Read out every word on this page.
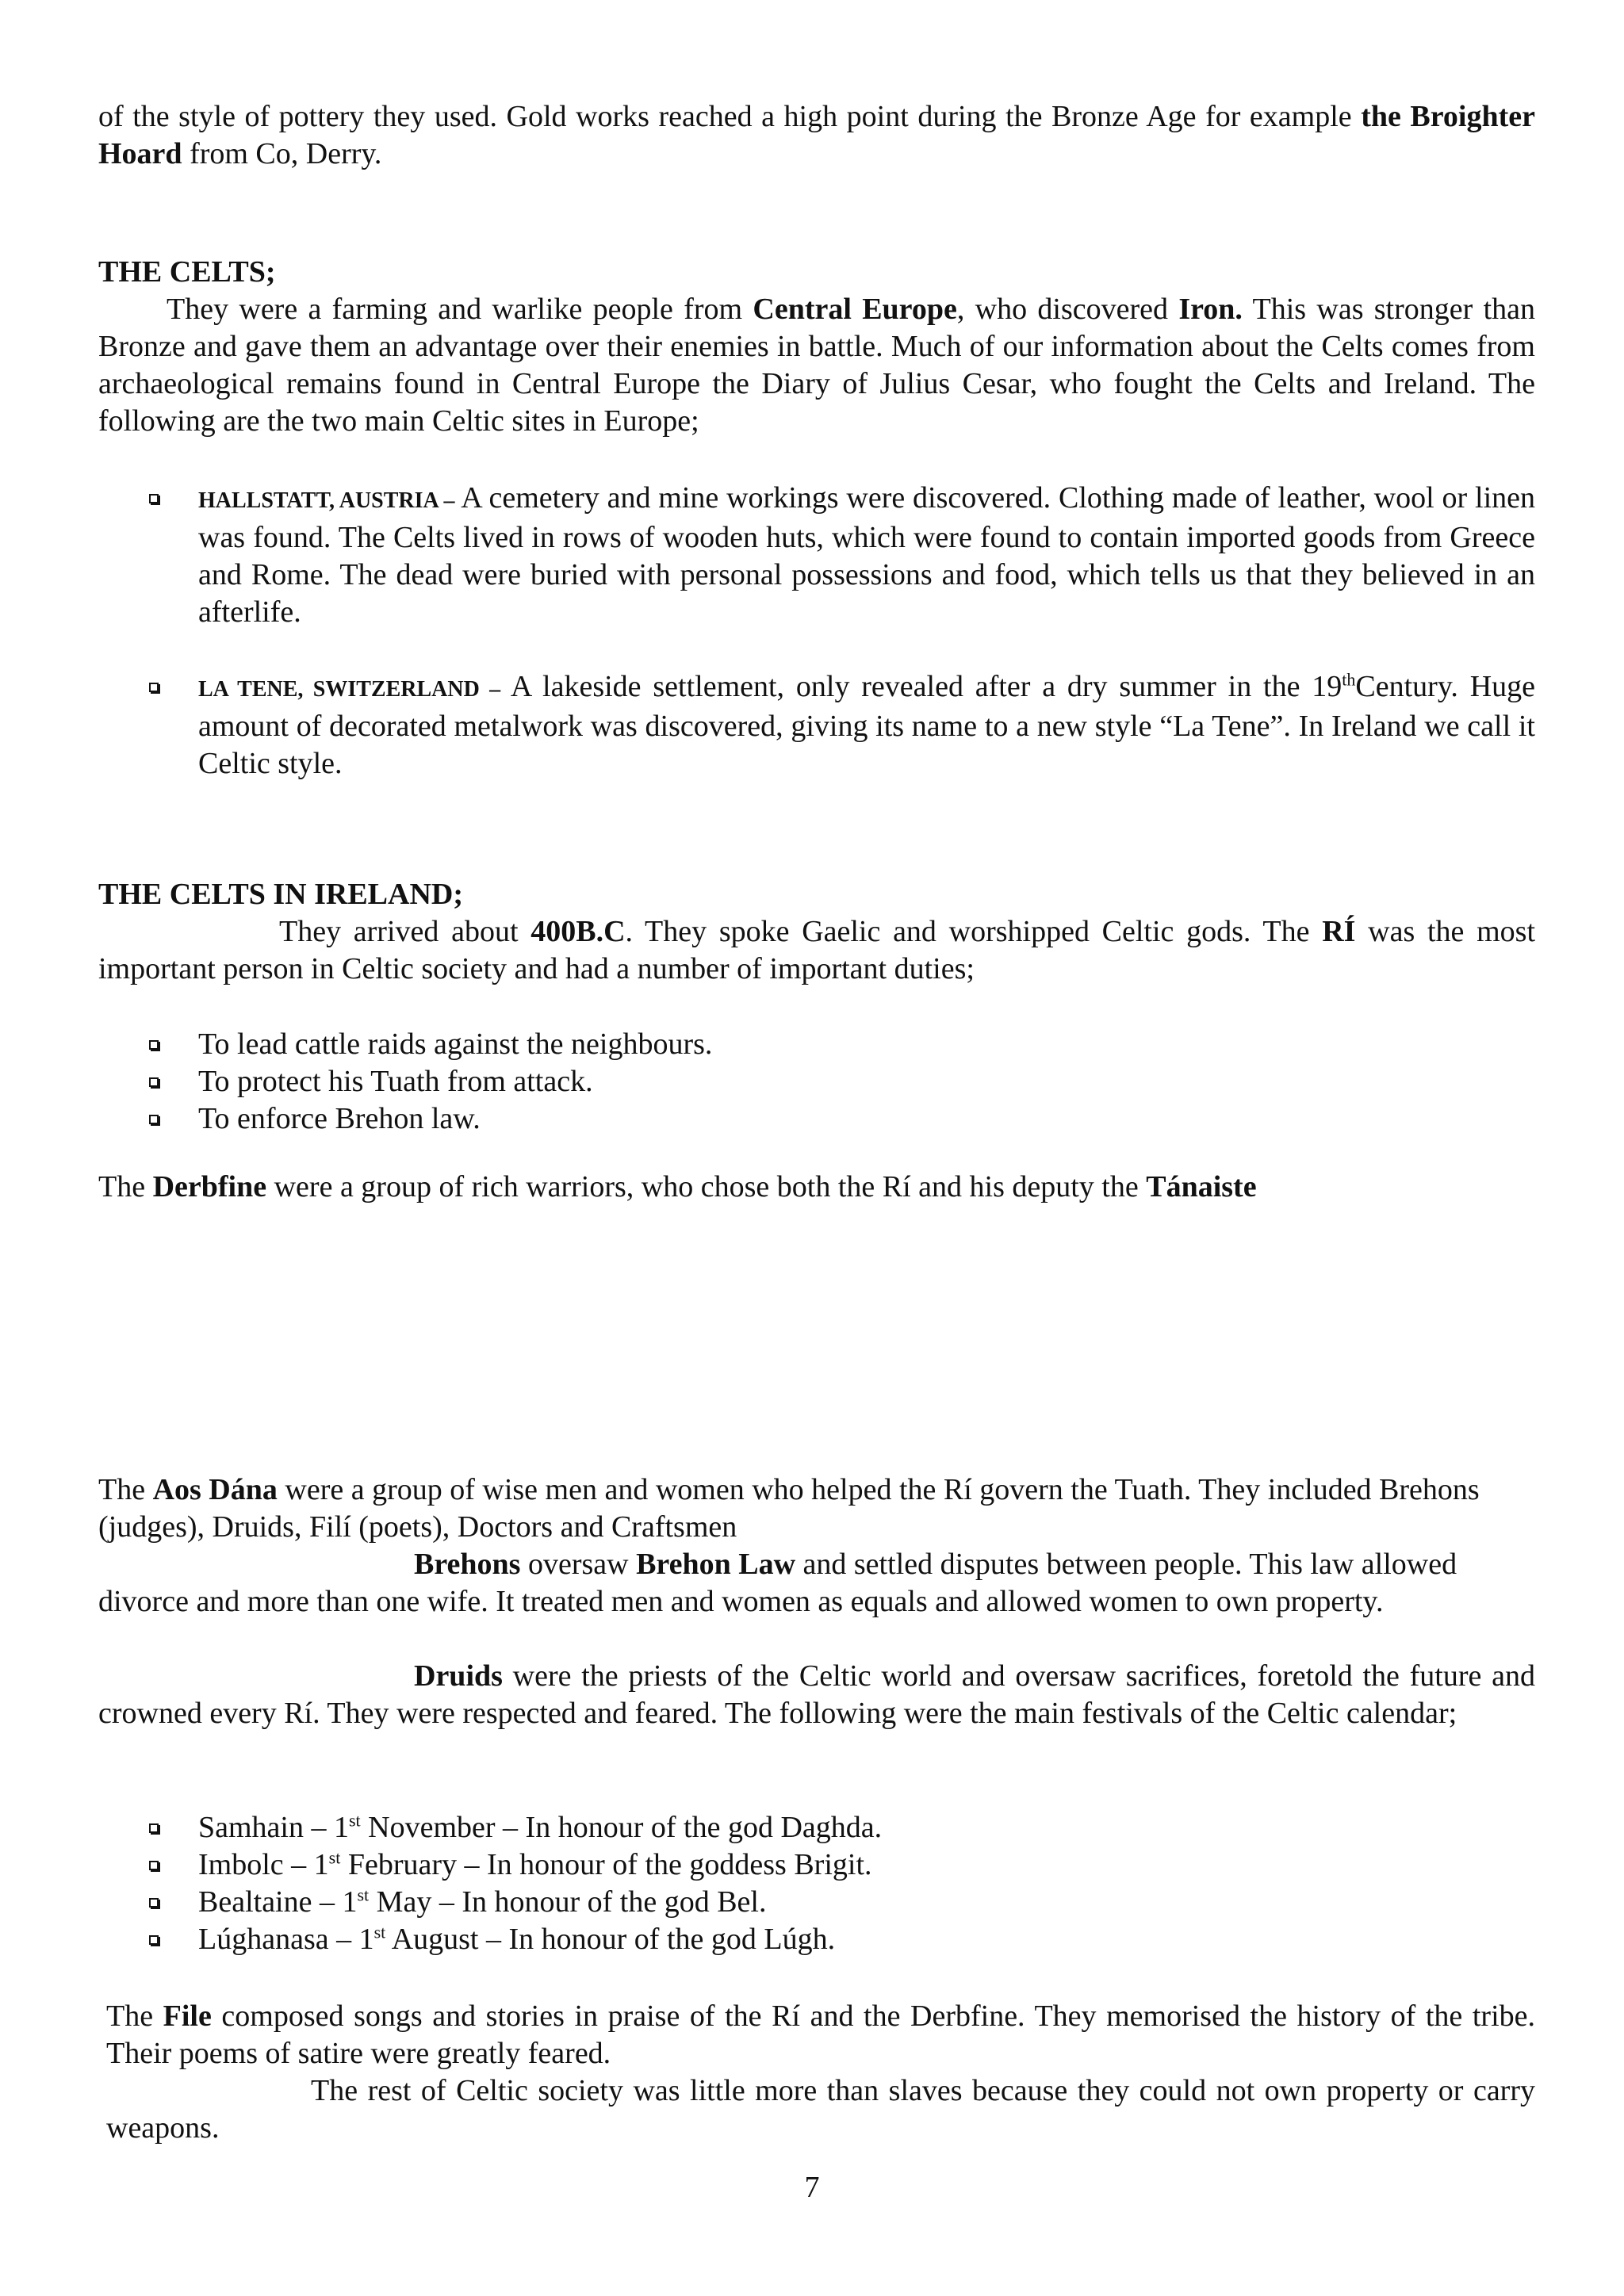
of the style of pottery they used. Gold works reached a high point during the Bronze Age for example the Broighter Hoard from Co, Derry.
THE CELTS;
They were a farming and warlike people from Central Europe, who discovered Iron. This was stronger than Bronze and gave them an advantage over their enemies in battle. Much of our information about the Celts comes from archaeological remains found in Central Europe the Diary of Julius Cesar, who fought the Celts and Ireland. The following are the two main Celtic sites in Europe;
HALLSTATT, AUSTRIA – A cemetery and mine workings were discovered. Clothing made of leather, wool or linen was found. The Celts lived in rows of wooden huts, which were found to contain imported goods from Greece and Rome. The dead were buried with personal possessions and food, which tells us that they believed in an afterlife.
LA TENE, SWITZERLAND – A lakeside settlement, only revealed after a dry summer in the 19thCentury. Huge amount of decorated metalwork was discovered, giving its name to a new style “La Tene”. In Ireland we call it Celtic style.
THE CELTS IN IRELAND;
They arrived about 400B.C. They spoke Gaelic and worshipped Celtic gods. The RÍ was the most important person in Celtic society and had a number of important duties;
To lead cattle raids against the neighbours.
To protect his Tuath from attack.
To enforce Brehon law.
The Derbfine were a group of rich warriors, who chose both the Rí and his deputy the Tánaiste
The Aos Dána were a group of wise men and women who helped the Rí govern the Tuath. They included Brehons (judges), Druids, Filí (poets), Doctors and Craftsmen
Brehons oversaw Brehon Law and settled disputes between people. This law allowed divorce and more than one wife. It treated men and women as equals and allowed women to own property.
Druids were the priests of the Celtic world and oversaw sacrifices, foretold the future and crowned every Rí. They were respected and feared. The following were the main festivals of the Celtic calendar;
Samhain – 1st November – In honour of the god Daghda.
Imbolc – 1st February – In honour of the goddess Brigit.
Bealtaine – 1st May – In honour of the god Bel.
Lúghanasa – 1st August – In honour of the god Lúgh.
The File composed songs and stories in praise of the Rí and the Derbfine. They memorised the history of the tribe. Their poems of satire were greatly feared.
The rest of Celtic society was little more than slaves because they could not own property or carry weapons.
7
